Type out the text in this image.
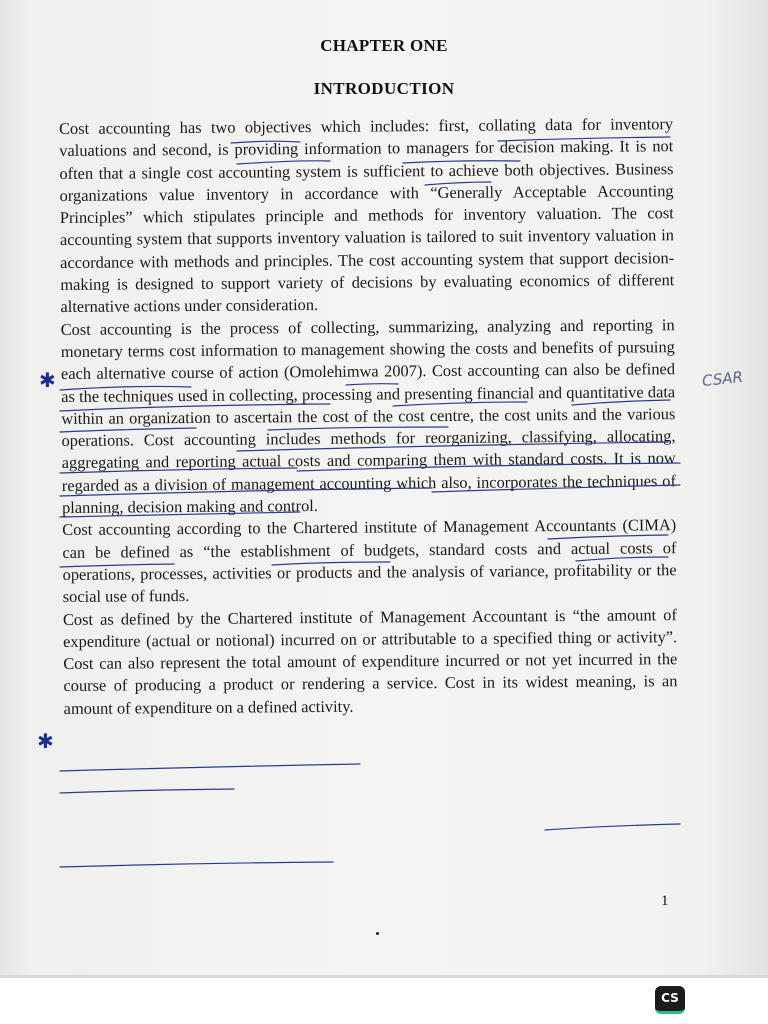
CHAPTER ONE
INTRODUCTION

Cost accounting has two objectives which includes: first, collating data for inventory valuations and second, is providing information to managers for decision making. It is not often that a single cost accounting system is sufficient to achieve both objectives. Business organizations value inventory in accordance with “Generally Acceptable Accounting Principles” which stipulates principle and methods for inventory valuation. The cost accounting system that supports inventory valuation is tailored to suit inventory valuation in accordance with methods and principles. The cost accounting system that support decision-making is designed to support variety of decisions by evaluating economics of different alternative actions under consideration.

Cost accounting is the process of collecting, summarizing, analyzing and reporting in monetary terms cost information to management showing the costs and benefits of pursuing each alternative course of action (Omolehimwa 2007). Cost accounting can also be defined as the techniques used in collecting, processing and presenting financial and quantitative data within an organization to ascertain the cost of the cost centre, the cost units and the various operations. Cost accounting includes methods for reorganizing, classifying, allocating, aggregating and reporting actual costs and comparing them with standard costs. It is now regarded as a division of management accounting which also, incorporates the techniques of planning, decision making and control.

Cost accounting according to the Chartered institute of Management Accountants (CIMA) can be defined as “the establishment of budgets, standard costs and actual costs of operations, processes, activities or products and the analysis of variance, profitability or the social use of funds.

Cost as defined by the Chartered institute of Management Accountant is “the amount of expenditure (actual or notional) incurred on or attributable to a specified thing or activity”. Cost can also represent the total amount of expenditure incurred or not yet incurred in the course of producing a product or rendering a service. Cost in its widest meaning, is an amount of expenditure on a defined activity.

✱
✱
CSAR
1
CS
